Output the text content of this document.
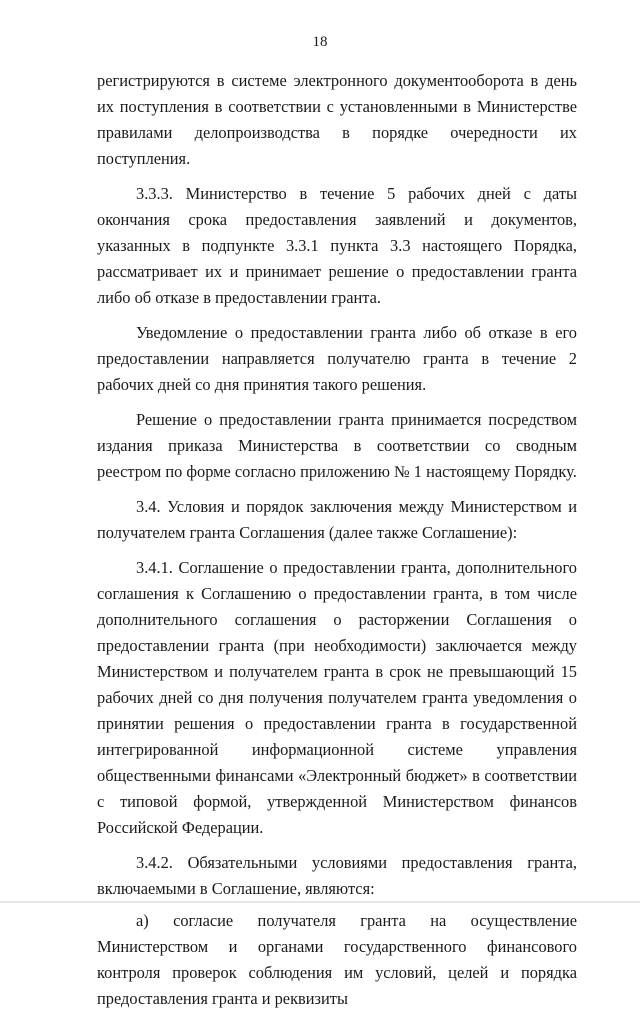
18

регистрируются в системе электронного документооборота в день их поступления в соответствии с установленными в Министерстве правилами делопроизводства в порядке очередности их поступления.

3.3.3. Министерство в течение 5 рабочих дней с даты окончания срока предоставления заявлений и документов, указанных в подпункте 3.3.1 пункта 3.3 настоящего Порядка, рассматривает их и принимает решение о предоставлении гранта либо об отказе в предоставлении гранта.

Уведомление о предоставлении гранта либо об отказе в его предоставлении направляется получателю гранта в течение 2 рабочих дней со дня принятия такого решения.

Решение о предоставлении гранта принимается посредством издания приказа Министерства в соответствии со сводным реестром по форме согласно приложению № 1 настоящему Порядку.

3.4. Условия и порядок заключения между Министерством и получателем гранта Соглашения (далее также Соглашение):

3.4.1. Соглашение о предоставлении гранта, дополнительного соглашения к Соглашению о предоставлении гранта, в том числе дополнительного соглашения о расторжении Соглашения о предоставлении гранта (при необходимости) заключается между Министерством и получателем гранта в срок не превышающий 15 рабочих дней со дня получения получателем гранта уведомления о принятии решения о предоставлении гранта в государственной интегрированной информационной системе управления общественными финансами «Электронный бюджет» в соответствии с типовой формой, утвержденной Министерством финансов Российской Федерации.

3.4.2. Обязательными условиями предоставления гранта, включаемыми в Соглашение, являются:

а) согласие получателя гранта на осуществление Министерством и органами государственного финансового контроля проверок соблюдения им условий, целей и порядка предоставления гранта и реквизиты
